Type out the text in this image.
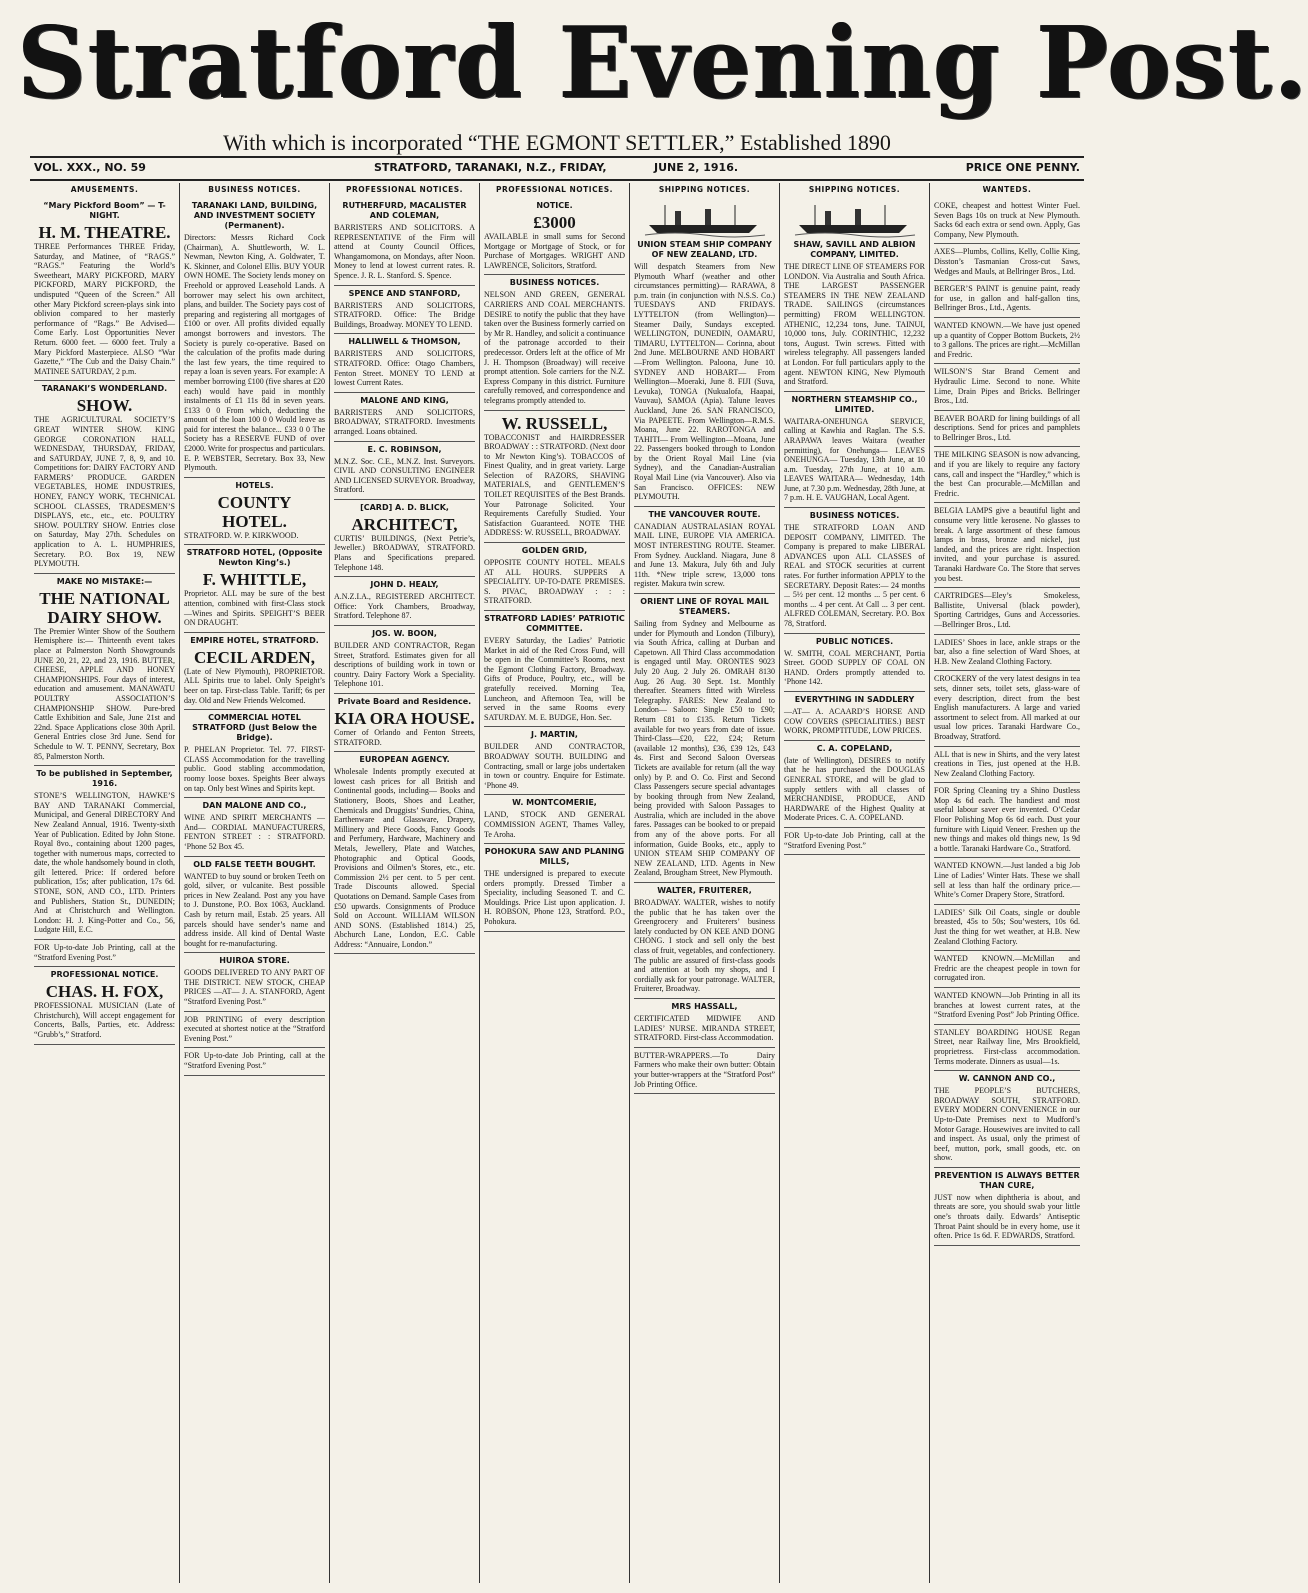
Stratford Evening Post.
With which is incorporated “THE EGMONT SETTLER,” Established 1890
VOL. XXX., NO. 59	STRATFORD, TARANAKI, N.Z., FRIDAY,	JUNE 2, 1916.	PRICE ONE PENNY.
AMUSEMENTS.
“Mary Pickford Boom” — T-NIGHT.
H. M. THEATRE.

THREE Performances THREE Friday, Saturday, and Matinee, of “RAGS.” “RAGS.” Featuring the World’s Sweetheart, MARY PICKFORD, MARY PICKFORD, MARY PICKFORD, the undisputed “Queen of the Screen.” All other Mary Pickford screen-plays sink into oblivion compared to her masterly performance of “Rags.” Be Advised—Come Early. Lost Opportunities Never Return. 6000 feet. — 6000 feet. Truly a Mary Pickford Masterpiece. ALSO “War Gazette,” “The Cub and the Daisy Chain.” MATINEE SATURDAY, 2 p.m.

TARANAKI’S WONDERLAND.
SHOW.

THE AGRICULTURAL SOCIETY’S GREAT WINTER SHOW. KING GEORGE CORONATION HALL, WEDNESDAY, THURSDAY, FRIDAY, and SATURDAY, JUNE 7, 8, 9, and 10. Competitions for: DAIRY FACTORY AND FARMERS’ PRODUCE. GARDEN VEGETABLES, HOME INDUSTRIES, HONEY, FANCY WORK, TECHNICAL SCHOOL CLASSES, TRADESMEN’S DISPLAYS, etc., etc., etc. POULTRY SHOW. POULTRY SHOW. Entries close on Saturday, May 27th. Schedules on application to A. L. HUMPHRIES, Secretary. P.O. Box 19, NEW PLYMOUTH.

MAKE NO MISTAKE:—
THE NATIONAL DAIRY SHOW.

The Premier Winter Show of the Southern Hemisphere is:— Thirteenth event takes place at Palmerston North Showgrounds JUNE 20, 21, 22, and 23, 1916. BUTTER, CHEESE, APPLE AND HONEY CHAMPIONSHIPS. Four days of interest, education and amusement. MANAWATU POULTRY ASSOCIATION’S CHAMPIONSHIP SHOW. Pure-bred Cattle Exhibition and Sale, June 21st and 22nd. Space Applications close 30th April. General Entries close 3rd June. Send for Schedule to W. T. PENNY, Secretary, Box 85, Palmerston North.

To be published in September, 1916.

STONE’S WELLINGTON, HAWKE’S BAY AND TARANAKI Commercial, Municipal, and General DIRECTORY And New Zealand Annual, 1916. Twenty-sixth Year of Publication. Edited by John Stone. Royal 8vo., containing about 1200 pages, together with numerous maps, corrected to date, the whole handsomely bound in cloth, gilt lettered. Price: If ordered before publication, 15s; after publication, 17s 6d. STONE, SON, AND CO., LTD. Printers and Publishers, Station St., DUNEDIN; And at Christchurch and Wellington. London: H. J. King-Potter and Co., 56, Ludgate Hill, E.C.

FOR Up-to-date Job Printing, call at the “Stratford Evening Post.”

PROFESSIONAL NOTICE.
CHAS. H. FOX,

PROFESSIONAL MUSICIAN (Late of Christchurch), Will accept engagement for Concerts, Balls, Parties, etc. Address: “Grubb’s,” Stratford.

BUSINESS NOTICES.
TARANAKI LAND, BUILDING, AND INVESTMENT SOCIETY (Permanent).

Directors: Messrs Richard Cock (Chairman), A. Shuttleworth, W. L. Newman, Newton King, A. Goldwater, T. K. Skinner, and Colonel Ellis. BUY YOUR OWN HOME. The Society lends money on Freehold or approved Leasehold Lands. A borrower may select his own architect, plans, and builder. The Society pays cost of preparing and registering all mortgages of £100 or over. All profits divided equally amongst borrowers and investors. The Society is purely co-operative. Based on the calculation of the profits made during the last few years, the time required to repay a loan is seven years. For example: A member borrowing £100 (five shares at £20 each) would have paid in monthly instalments of £1 11s 8d in seven years. £133 0 0 From which, deducting the amount of the loan 100 0 0 Would leave as paid for interest the balance... £33 0 0 The Society has a RESERVE FUND of over £2000. Write for prospectus and particulars. E. P. WEBSTER, Secretary. Box 33, New Plymouth.

HOTELS.
COUNTY HOTEL.

STRATFORD. W. P. KIRKWOOD.

STRATFORD HOTEL, (Opposite Newton King’s.)
F. WHITTLE,

Proprietor. ALL may be sure of the best attention, combined with first-Class stock—Wines and Spirits. SPEIGHT’S BEER ON DRAUGHT.

EMPIRE HOTEL, STRATFORD.
CECIL ARDEN,

(Late of New Plymouth), PROPRIETOR. ALL Spirits true to label. Only Speight’s beer on tap. First-class Table. Tariff; 6s per day. Old and New Friends Welcomed.

COMMERCIAL HOTEL STRATFORD (Just Below the Bridge).

P. PHELAN Proprietor. Tel. 77. FIRST-CLASS Accommodation for the travelling public. Good stabling accommodation, roomy loose boxes. Speights Beer always on tap. Only best Wines and Spirits kept.

DAN MALONE AND CO.,

WINE AND SPIRIT MERCHANTS —And— CORDIAL MANUFACTURERS, FENTON STREET : : STRATFORD. ‘Phone 52 Box 45.

OLD FALSE TEETH BOUGHT.

WANTED to buy sound or broken Teeth on gold, silver, or vulcanite. Best possible prices in New Zealand. Post any you have to J. Dunstone, P.O. Box 1063, Auckland. Cash by return mail, Estab. 25 years. All parcels should have sender’s name and address inside. All kind of Dental Waste bought for re-manufacturing.

HUIROA STORE.

GOODS DELIVERED TO ANY PART OF THE DISTRICT. NEW STOCK, CHEAP PRICES —AT— J. A. STANFORD, Agent “Stratford Evening Post.”

JOB PRINTING of every description executed at shortest notice at the “Stratford Evening Post.”

FOR Up-to-date Job Printing, call at the “Stratford Evening Post.”

PROFESSIONAL NOTICES.
RUTHERFURD, MACALISTER AND COLEMAN,

BARRISTERS AND SOLICITORS. A REPRESENTATIVE of the Firm will attend at County Council Offices, Whangamomona, on Mondays, after Noon. Money to lend at lowest current rates. R. Spence. J. R. L. Stanford. S. Spence.

SPENCE AND STANFORD,

BARRISTERS AND SOLICITORS, STRATFORD. Office: The Bridge Buildings, Broadway. MONEY TO LEND.

HALLIWELL & THOMSON,

BARRISTERS AND SOLICITORS, STRATFORD. Office: Otago Chambers, Fenton Street. MONEY TO LEND at lowest Current Rates.

MALONE AND KING,

BARRISTERS AND SOLICITORS, BROADWAY, STRATFORD. Investments arranged. Loans obtained.

E. C. ROBINSON,

M.N.Z. Soc. C.E., M.N.Z. Inst. Surveyors. CIVIL AND CONSULTING ENGINEER AND LICENSED SURVEYOR. Broadway, Stratford.

[CARD] A. D. BLICK,
ARCHITECT,

CURTIS’ BUILDINGS, (Next Petrie’s, Jeweller.) BROADWAY, STRATFORD. Plans and Specifications prepared. Telephone 148.

JOHN D. HEALY,

A.N.Z.I.A., REGISTERED ARCHITECT. Office: York Chambers, Broadway, Stratford. Telephone 87.

JOS. W. BOON,

BUILDER AND CONTRACTOR, Regan Street, Stratford. Estimates given for all descriptions of building work in town or country. Dairy Factory Work a Speciality. Telephone 101.

Private Board and Residence.
KIA ORA HOUSE.

Corner of Orlando and Fenton Streets, STRATFORD.

EUROPEAN AGENCY.

Wholesale Indents promptly executed at lowest cash prices for all British and Continental goods, including— Books and Stationery, Boots, Shoes and Leather, Chemicals and Druggists’ Sundries, China, Earthenware and Glassware, Drapery, Millinery and Piece Goods, Fancy Goods and Perfumery, Hardware, Machinery and Metals, Jewellery, Plate and Watches, Photographic and Optical Goods, Provisions and Oilmen’s Stores, etc., etc. Commission 2½ per cent. to 5 per cent. Trade Discounts allowed. Special Quotations on Demand. Sample Cases from £50 upwards. Consignments of Produce Sold on Account. WILLIAM WILSON AND SONS. (Established 1814.) 25, Abchurch Lane, London, E.C. Cable Address: “Annuaire, London.”

PROFESSIONAL NOTICES.
NOTICE.
£3000

AVAILABLE in small sums for Second Mortgage or Mortgage of Stock, or for Purchase of Mortgages. WRIGHT AND LAWRENCE, Solicitors, Stratford.

BUSINESS NOTICES.

NELSON AND GREEN, GENERAL CARRIERS AND COAL MERCHANTS. DESIRE to notify the public that they have taken over the Business formerly carried on by Mr R. Handley, and solicit a continuance of the patronage accorded to their predecessor. Orders left at the office of Mr J. H. Thompson (Broadway) will receive prompt attention. Sole carriers for the N.Z. Express Company in this district. Furniture carefully removed, and correspondence and telegrams promptly attended to.

W. RUSSELL,

TOBACCONIST and HAIRDRESSER BROADWAY : : STRATFORD. (Next door to Mr Newton King’s). TOBACCOS of Finest Quality, and in great variety. Large Selection of RAZORS, SHAVING MATERIALS, and GENTLEMEN’S TOILET REQUISITES of the Best Brands. Your Patronage Solicited. Your Requirements Carefully Studied. Your Satisfaction Guaranteed. NOTE THE ADDRESS: W. RUSSELL, BROADWAY.

GOLDEN GRID,

OPPOSITE COUNTY HOTEL. MEALS AT ALL HOURS. SUPPERS A SPECIALITY. UP-TO-DATE PREMISES. S. PIVAC, BROADWAY : : : STRATFORD.

STRATFORD LADIES’ PATRIOTIC COMMITTEE.

EVERY Saturday, the Ladies’ Patriotic Market in aid of the Red Cross Fund, will be open in the Committee’s Rooms, next the Egmont Clothing Factory, Broadway. Gifts of Produce, Poultry, etc., will be gratefully received. Morning Tea, Luncheon, and Afternoon Tea, will be served in the same Rooms every SATURDAY. M. E. BUDGE, Hon. Sec.

J. MARTIN,

BUILDER AND CONTRACTOR, BROADWAY SOUTH. BUILDING and Contracting, small or large jobs undertaken in town or country. Enquire for Estimate. ‘Phone 49.

W. MONTCOMERIE,

LAND, STOCK AND GENERAL COMMISSION AGENT, Thames Valley, Te Aroha.

POHOKURA SAW AND PLANING MILLS,

THE undersigned is prepared to execute orders promptly. Dressed Timber a Speciality, including Seasoned T. and C. Mouldings. Price List upon application. J. H. ROBSON, Phone 123, Stratford. P.O., Pohokura.

SHIPPING NOTICES.
UNION STEAM SHIP COMPANY OF NEW ZEALAND, LTD.

Will despatch Steamers from New Plymouth Wharf (weather and other circumstances permitting)— RARAWA, 8 p.m. train (in conjunction with N.S.S. Co.) TUESDAYS AND FRIDAYS. LYTTELTON (from Wellington)— Steamer Daily, Sundays excepted. WELLINGTON, DUNEDIN, OAMARU, TIMARU, LYTTELTON— Corinna, about 2nd June. MELBOURNE AND HOBART—From Wellington. Paloona, June 10. SYDNEY AND HOBART— From Wellington—Moeraki, June 8. FIJI (Suva, Levuka), TONGA (Nukualofa, Haapai, Vauvau), SAMOA (Apia). Talune leaves Auckland, June 26. SAN FRANCISCO, Via PAPEETE. From Wellington—R.M.S. Moana, June 22. RAROTONGA and TAHITI— From Wellington—Moana, June 22. Passengers booked through to London by the Orient Royal Mail Line (via Sydney), and the Canadian-Australian Royal Mail Line (via Vancouver). Also via San Francisco. OFFICES: NEW PLYMOUTH.

THE VANCOUVER ROUTE.

CANADIAN AUSTRALASIAN ROYAL MAIL LINE, EUROPE VIA AMERICA. MOST INTERESTING ROUTE. Steamer. From Sydney. Auckland. Niagara, June 8 and June 13. Makura, July 6th and July 11th. *New triple screw, 13,000 tons register. Makura twin screw.

ORIENT LINE OF ROYAL MAIL STEAMERS.

Sailing from Sydney and Melbourne as under for Plymouth and London (Tilbury), via South Africa, calling at Durban and Capetown. All Third Class accommodation is engaged until May. ORONTES 9023 July 20 Aug. 2 July 26. OMRAH 8130 Aug. 26 Aug. 30 Sept. 1st. Monthly thereafter. Steamers fitted with Wireless Telegraphy. FARES: New Zealand to London— Saloon: Single £50 to £90; Return £81 to £135. Return Tickets available for two years from date of issue. Third-Class—£20, £22, £24; Return (available 12 months), £36, £39 12s, £43 4s. First and Second Saloon Overseas Tickets are available for return (all the way only) by P. and O. Co. First and Second Class Passengers secure special advantages by booking through from New Zealand, being provided with Saloon Passages to Australia, which are included in the above fares. Passages can be booked to or prepaid from any of the above ports. For all information, Guide Books, etc., apply to UNION STEAM SHIP COMPANY OF NEW ZEALAND, LTD. Agents in New Zealand, Brougham Street, New Plymouth.

WALTER, FRUITERER,

BROADWAY. WALTER, wishes to notify the public that he has taken over the Greengrocery and Fruiterers’ business lately conducted by ON KEE AND DONG CHONG. I stock and sell only the best class of fruit, vegetables, and confectionery. The public are assured of first-class goods and attention at both my shops, and I cordially ask for your patronage. WALTER, Fruiterer, Broadway.

MRS HASSALL,

CERTIFICATED MIDWIFE AND LADIES’ NURSE. MIRANDA STREET, STRATFORD. First-class Accommodation.

BUTTER-WRAPPERS.—To Dairy Farmers who make their own butter: Obtain your butter-wrappers at the “Stratford Post” Job Printing Office.

SHIPPING NOTICES.
SHAW, SAVILL AND ALBION COMPANY, LIMITED.

THE DIRECT LINE OF STEAMERS FOR LONDON. Via Australia and South Africa. THE LARGEST PASSENGER STEAMERS IN THE NEW ZEALAND TRADE. SAILINGS (circumstances permitting) FROM WELLINGTON. ATHENIC, 12,234 tons, June. TAINUI, 10,000 tons, July. CORINTHIC, 12,232 tons, August. Twin screws. Fitted with wireless telegraphy. All passengers landed at London. For full particulars apply to the agent. NEWTON KING, New Plymouth and Stratford.

NORTHERN STEAMSHIP CO., LIMITED.

WAITARA-ONEHUNGA SERVICE, calling at Kawhia and Raglan. The S.S. ARAPAWA leaves Waitara (weather permitting), for Onehunga— LEAVES ONEHUNGA— Tuesday, 13th June, at 10 a.m. Tuesday, 27th June, at 10 a.m. LEAVES WAITARA— Wednesday, 14th June, at 7.30 p.m. Wednesday, 28th June, at 7 p.m. H. E. VAUGHAN, Local Agent.

BUSINESS NOTICES.

THE STRATFORD LOAN AND DEPOSIT COMPANY, LIMITED. The Company is prepared to make LIBERAL ADVANCES upon ALL CLASSES of REAL and STOCK securities at current rates. For further information APPLY to the SECRETARY. Deposit Rates:— 24 months ... 5½ per cent. 12 months ... 5 per cent. 6 months ... 4 per cent. At Call ... 3 per cent. ALFRED COLEMAN, Secretary. P.O. Box 78, Stratford.

PUBLIC NOTICES.

W. SMITH, COAL MERCHANT, Portia Street. GOOD SUPPLY OF COAL ON HAND. Orders promptly attended to. ‘Phone 142.

EVERYTHING IN SADDLERY

—AT— A. ACAARD’S HORSE AND COW COVERS (SPECIALITIES.) BEST WORK, PROMPTITUDE, LOW PRICES.

C. A. COPELAND,

(late of Wellington), DESIRES to notify that he has purchased the DOUGLAS GENERAL STORE, and will be glad to supply settlers with all classes of MERCHANDISE, PRODUCE, AND HARDWARE of the Highest Quality at Moderate Prices. C. A. COPELAND.

FOR Up-to-date Job Printing, call at the “Stratford Evening Post.”

WANTEDS.

COKE, cheapest and hottest Winter Fuel. Seven Bags 10s on truck at New Plymouth. Sacks 6d each extra or send own. Apply, Gas Company, New Plymouth.

AXES—Plumbs, Collins, Kelly, Collie King, Disston’s Tasmanian Cross-cut Saws, Wedges and Mauls, at Bellringer Bros., Ltd.

BERGER’S PAINT is genuine paint, ready for use, in gallon and half-gallon tins, Bellringer Bros., Ltd., Agents.

WANTED KNOWN.—We have just opened up a quantity of Copper Bottom Buckets, 2½ to 3 gallons. The prices are right.—McMillan and Fredric.

WILSON’S Star Brand Cement and Hydraulic Lime. Second to none. White Lime, Drain Pipes and Bricks. Bellringer Bros., Ltd.

BEAVER BOARD for lining buildings of all descriptions. Send for prices and pamphlets to Bellringer Bros., Ltd.

THE MILKING SEASON is now advancing, and if you are likely to require any factory cans, call and inspect the “Hardley,” which is the best Can procurable.—McMillan and Fredric.

BELGIA LAMPS give a beautiful light and consume very little kerosene. No glasses to break. A large assortment of these famous lamps in brass, bronze and nickel, just landed, and the prices are right. Inspection invited, and your purchase is assured. Taranaki Hardware Co. The Store that serves you best.

CARTRIDGES—Eley’s Smokeless, Ballistite, Universal (black powder), Sporting Cartridges, Guns and Accessories.—Bellringer Bros., Ltd.

LADIES’ Shoes in lace, ankle straps or the bar, also a fine selection of Ward Shoes, at H.B. New Zealand Clothing Factory.

CROCKERY of the very latest designs in tea sets, dinner sets, toilet sets, glass-ware of every description, direct from the best English manufacturers. A large and varied assortment to select from. All marked at our usual low prices. Taranaki Hardware Co., Broadway, Stratford.

ALL that is new in Shirts, and the very latest creations in Ties, just opened at the H.B. New Zealand Clothing Factory.

FOR Spring Cleaning try a Shino Dustless Mop 4s 6d each. The handiest and most useful labour saver ever invented. O’Cedar Floor Polishing Mop 6s 6d each. Dust your furniture with Liquid Veneer. Freshen up the new things and makes old things new, 1s 9d a bottle. Taranaki Hardware Co., Stratford.

WANTED KNOWN.—Just landed a big Job Line of Ladies’ Winter Hats. These we shall sell at less than half the ordinary price.—White’s Corner Drapery Store, Stratford.

LADIES’ Silk Oil Coats, single or double breasted, 45s to 50s; Sou’westers, 10s 6d. Just the thing for wet weather, at H.B. New Zealand Clothing Factory.

WANTED KNOWN.—McMillan and Fredric are the cheapest people in town for corrugated iron.

WANTED KNOWN—Job Printing in all its branches at lowest current rates, at the “Stratford Evening Post” Job Printing Office.

STANLEY BOARDING HOUSE Regan Street, near Railway line, Mrs Brookfield, proprietress. First-class accommodation. Terms moderate. Dinners as usual—1s.

W. CANNON AND CO.,

THE PEOPLE’S BUTCHERS, BROADWAY SOUTH, STRATFORD. EVERY MODERN CONVENIENCE in our Up-to-Date Premises next to Mudford’s Motor Garage. Housewives are invited to call and inspect. As usual, only the primest of beef, mutton, pork, small goods, etc. on show.

PREVENTION IS ALWAYS BETTER THAN CURE,

JUST now when diphtheria is about, and threats are sore, you should swab your little one’s throats daily. Edwards’ Antiseptic Throat Paint should be in every home, use it often. Price 1s 6d. F. EDWARDS, Stratford.
